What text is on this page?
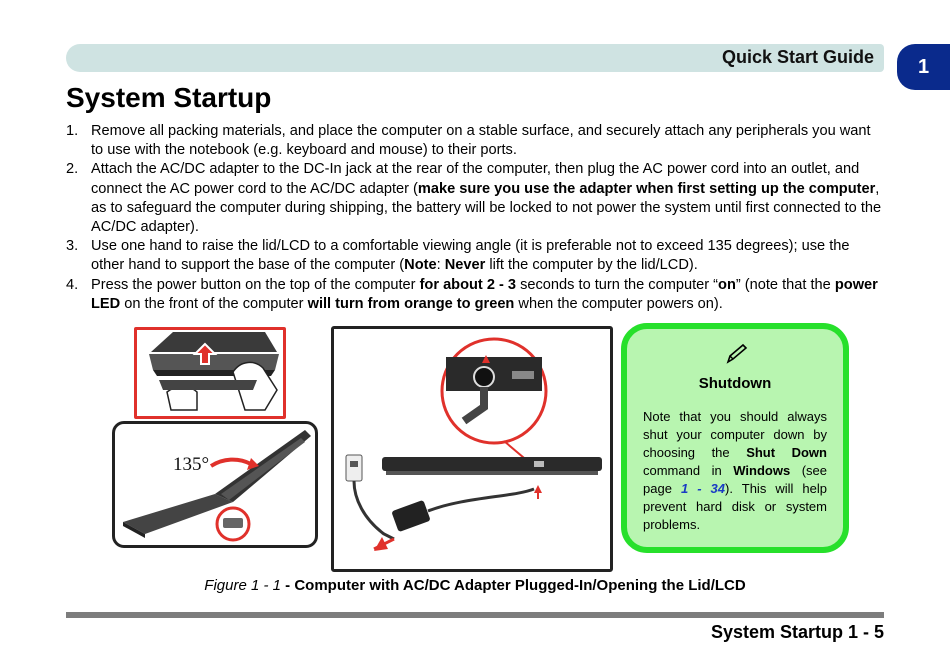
Quick Start Guide	1
System Startup
1. Remove all packing materials, and place the computer on a stable surface, and securely attach any peripherals you want to use with the notebook (e.g. keyboard and mouse) to their ports.
2. Attach the AC/DC adapter to the DC-In jack at the rear of the computer, then plug the AC power cord into an outlet, and connect the AC power cord to the AC/DC adapter (make sure you use the adapter when first setting up the computer, as to safeguard the computer during shipping, the battery will be locked to not power the system until first connected to the AC/DC adapter).
3. Use one hand to raise the lid/LCD to a comfortable viewing angle (it is preferable not to exceed 135 degrees); use the other hand to support the base of the computer (Note: Never lift the computer by the lid/LCD).
4. Press the power button on the top of the computer for about 2 - 3 seconds to turn the computer “on” (note that the power LED on the front of the computer will turn from orange to green when the computer powers on).
135°
Shutdown

Note that you should always shut your computer down by choosing the Shut Down command in Windows (see page 1 - 34). This will help prevent hard disk or system problems.

Figure 1 - 1 - Computer with AC/DC Adapter Plugged-In/Opening the Lid/LCD
System Startup 1 - 5
